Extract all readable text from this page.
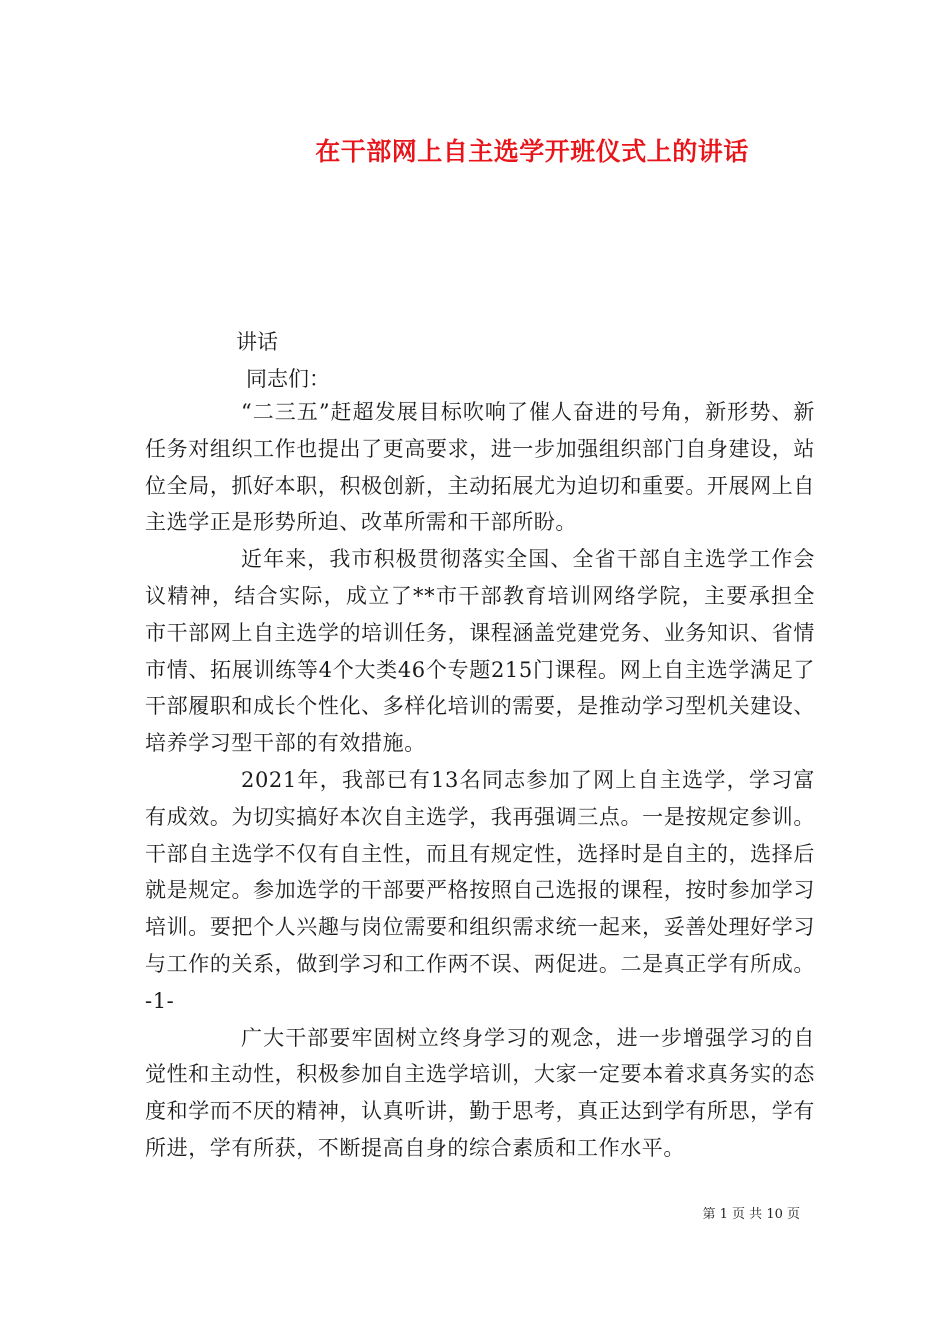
在干部网上自主选学开班仪式上的讲话
讲话
同志们：

“二三五”赶超发展目标吹响了催人奋进的号角，新形势、新任务对组织工作也提出了更高要求，进一步加强组织部门自身建设，站位全局，抓好本职，积极创新，主动拓展尤为迫切和重要。开展网上自主选学正是形势所迫、改革所需和干部所盼。

近年来，我市积极贯彻落实全国、全省干部自主选学工作会议精神，结合实际，成立了**市干部教育培训网络学院，主要承担全市干部网上自主选学的培训任务，课程涵盖党建党务、业务知识、省情市情、拓展训练等4个大类46个专题215门课程。网上自主选学满足了干部履职和成长个性化、多样化培训的需要，是推动学习型机关建设、培养学习型干部的有效措施。

2021年，我部已有13名同志参加了网上自主选学，学习富有成效。为切实搞好本次自主选学，我再强调三点。一是按规定参训。干部自主选学不仅有自主性，而且有规定性，选择时是自主的，选择后就是规定。参加选学的干部要严格按照自己选报的课程，按时参加学习培训。要把个人兴趣与岗位需要和组织需求统一起来，妥善处理好学习与工作的关系，做到学习和工作两不误、两促进。二是真正学有所成。-1-

广大干部要牢固树立终身学习的观念，进一步增强学习的自觉性和主动性，积极参加自主选学培训，大家一定要本着求真务实的态度和学而不厌的精神，认真听讲，勤于思考，真正达到学有所思，学有所进，学有所获，不断提高自身的综合素质和工作水平。

第 1 页 共 10 页
